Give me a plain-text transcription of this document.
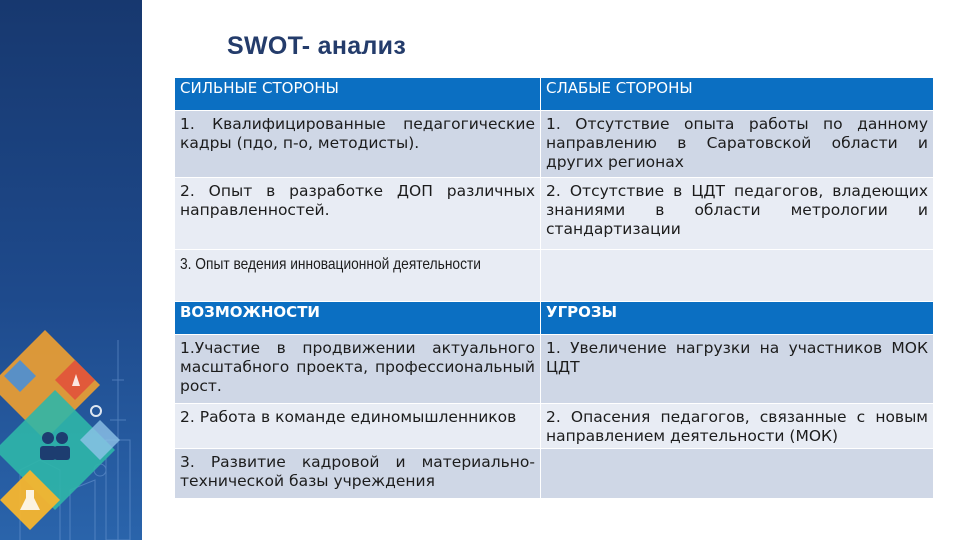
SWOT- анализ
СИЛЬНЫЕ СТОРОНЫ	СЛАБЫЕ СТОРОНЫ
1. Квалифицированные педагогические кадры (пдо, п-о, методисты).	1. Отсутствие опыта работы по данному направлению в Саратовской области и других регионах
2. Опыт в разработке ДОП различных направленностей.	2. Отсутствие в ЦДТ педагогов, владеющих знаниями в области метрологии и стандартизации
3. Опыт ведения инновационной деятельности	
ВОЗМОЖНОСТИ	УГРОЗЫ
1.Участие в продвижении актуального масштабного проекта, профессиональный рост.	1. Увеличение нагрузки на участников МОК ЦДТ
2. Работа в команде единомышленников	2. Опасения педагогов, связанные с новым направлением деятельности (МОК)
3. Развитие кадровой и материально-технической базы учреждения	
